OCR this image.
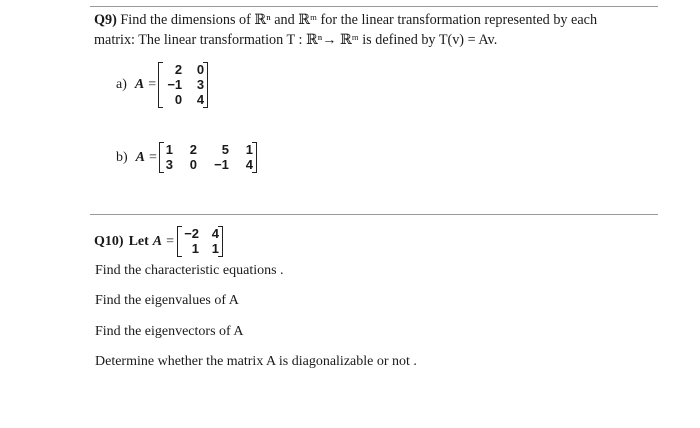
Q9) Find the dimensions of ℝⁿ and ℝᵐ for the linear transformation represented by each
matrix: The linear transformation T : ℝⁿ→ ℝᵐ is defined by T(v) = Av.
a) A =
2 0
−1 3
0 4
b) A = 1 2	5 1
3 0 −1 4
Q10) Let A = −2 4
1 1
Find the characteristic equations .
Find the eigenvalues of A
Find the eigenvectors of A
Determine whether the matrix A is diagonalizable or not .
